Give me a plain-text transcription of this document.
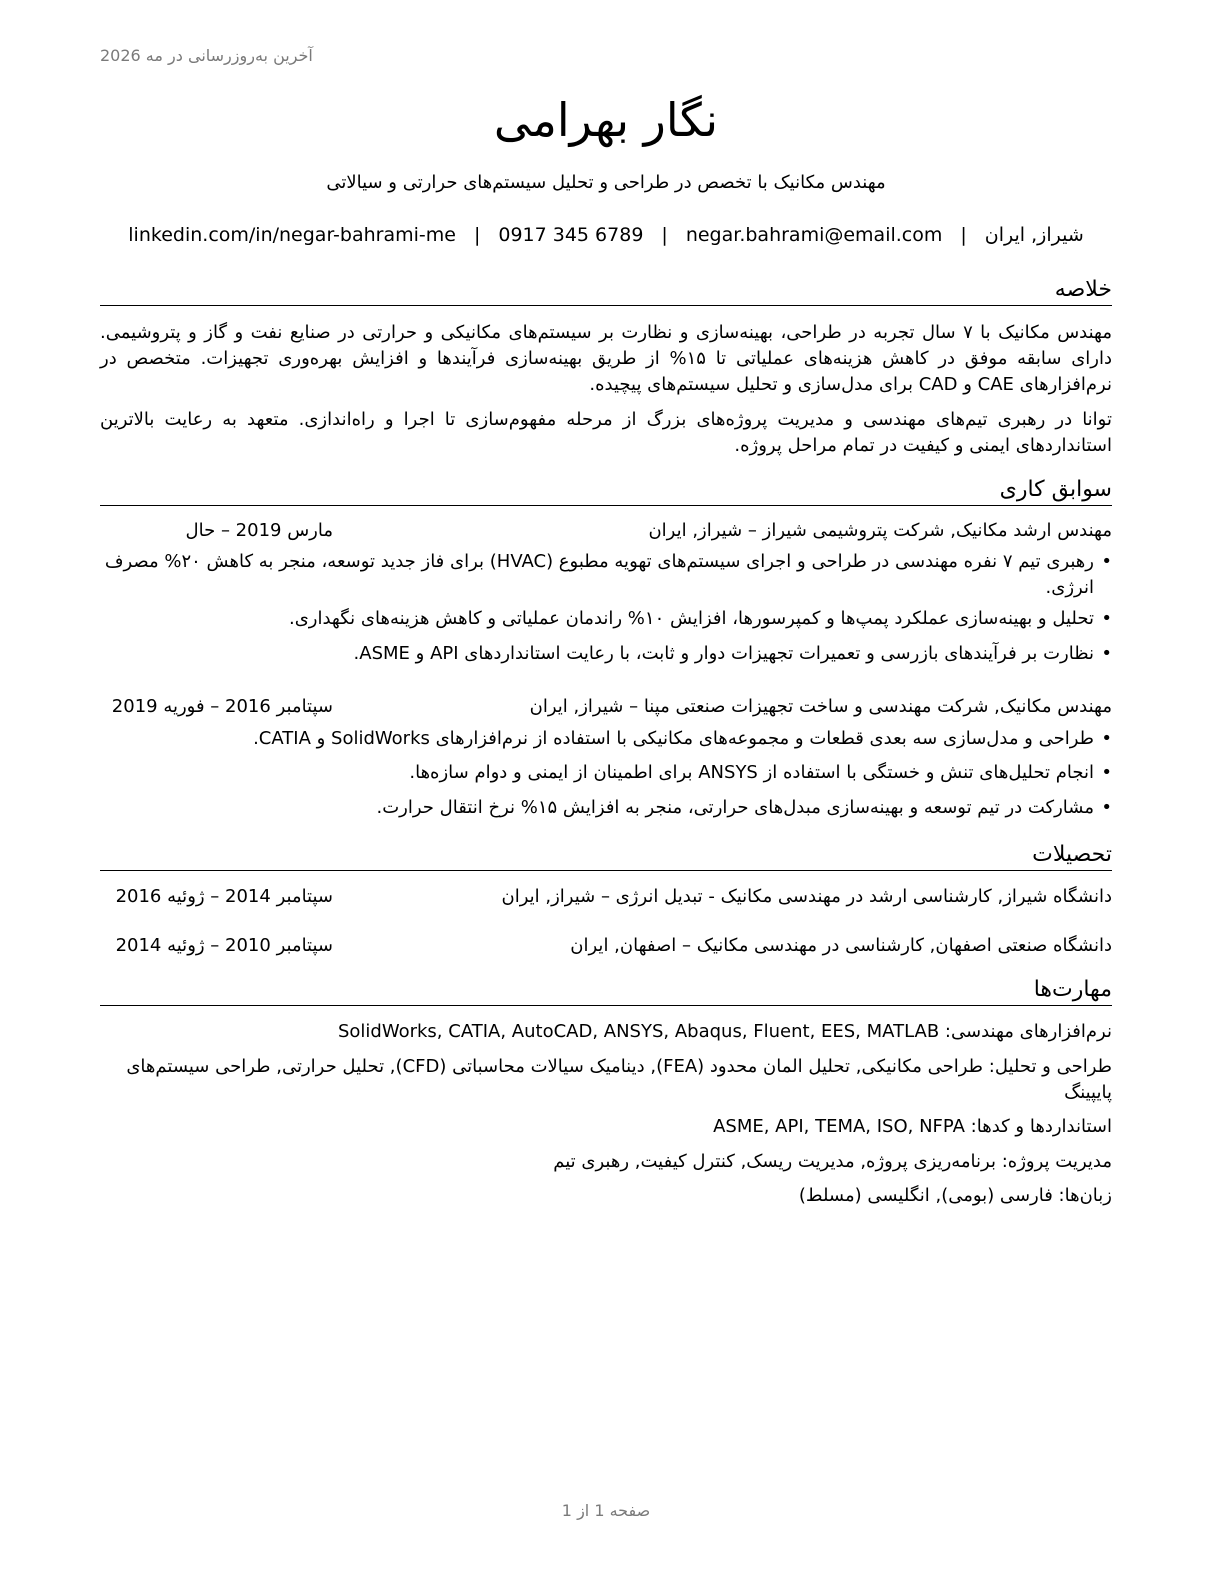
آخرین به‌روزرسانی در مه 2026
نگار بهرامی
مهندس مکانیک با تخصص در طراحی و تحلیل سیستم‌های حرارتی و سیالاتی
شیراز, ایران
|
negar.bahrami@email.com
|
0917 345 6789
|
linkedin.com/in/negar-bahrami-me
خلاصه
مهندس مکانیک با ۷ سال تجربه در طراحی، بهینه‌سازی و نظارت بر سیستم‌های مکانیکی و حرارتی در صنایع نفت و گاز و پتروشیمی. دارای سابقه موفق در کاهش هزینه‌های عملیاتی تا ۱۵% از طریق بهینه‌سازی فرآیندها و افزایش بهره‌وری تجهیزات. متخصص در نرم‌افزارهای CAE و CAD برای مدل‌سازی و تحلیل سیستم‌های پیچیده.
توانا در رهبری تیم‌های مهندسی و مدیریت پروژه‌های بزرگ از مرحله مفهوم‌سازی تا اجرا و راه‌اندازی. متعهد به رعایت بالاترین استانداردهای ایمنی و کیفیت در تمام مراحل پروژه.
سوابق کاری
مهندس ارشد مکانیک, شرکت پتروشیمی شیراز – شیراز, ایران
مارس 2019 – حال
• رهبری تیم ۷ نفره مهندسی در طراحی و اجرای سیستم‌های تهویه مطبوع (HVAC) برای فاز جدید توسعه، منجر به کاهش ۲۰% مصرف انرژی.
• تحلیل و بهینه‌سازی عملکرد پمپ‌ها و کمپرسورها، افزایش ۱۰% راندمان عملیاتی و کاهش هزینه‌های نگهداری.
• نظارت بر فرآیندهای بازرسی و تعمیرات تجهیزات دوار و ثابت، با رعایت استانداردهای API و ASME.
مهندس مکانیک, شرکت مهندسی و ساخت تجهیزات صنعتی مپنا – شیراز, ایران
سپتامبر 2016 – فوریه 2019
• طراحی و مدل‌سازی سه بعدی قطعات و مجموعه‌های مکانیکی با استفاده از نرم‌افزارهای SolidWorks و CATIA.
• انجام تحلیل‌های تنش و خستگی با استفاده از ANSYS برای اطمینان از ایمنی و دوام سازه‌ها.
• مشارکت در تیم توسعه و بهینه‌سازی مبدل‌های حرارتی، منجر به افزایش ۱۵% نرخ انتقال حرارت.
تحصیلات
دانشگاه شیراز, کارشناسی ارشد در مهندسی مکانیک - تبدیل انرژی – شیراز, ایران
سپتامبر 2014 – ژوئیه 2016
دانشگاه صنعتی اصفهان, کارشناسی در مهندسی مکانیک – اصفهان, ایران
سپتامبر 2010 – ژوئیه 2014
مهارت‌ها
نرم‌افزارهای مهندسی : SolidWorks, CATIA, AutoCAD, ANSYS, Abaqus, Fluent, EES, MATLAB
طراحی و تحلیل : طراحی مکانیکی, تحلیل المان محدود (FEA), دینامیک سیالات محاسباتی (CFD), تحلیل حرارتی, طراحی سیستم‌های پایپینگ
استانداردها و کدها : ASME, API, TEMA, ISO, NFPA
مدیریت پروژه : برنامه‌ریزی پروژه, مدیریت ریسک, کنترل کیفیت, رهبری تیم
زبان‌ها : فارسی (بومی), انگلیسی (مسلط)
صفحه 1 از 1
